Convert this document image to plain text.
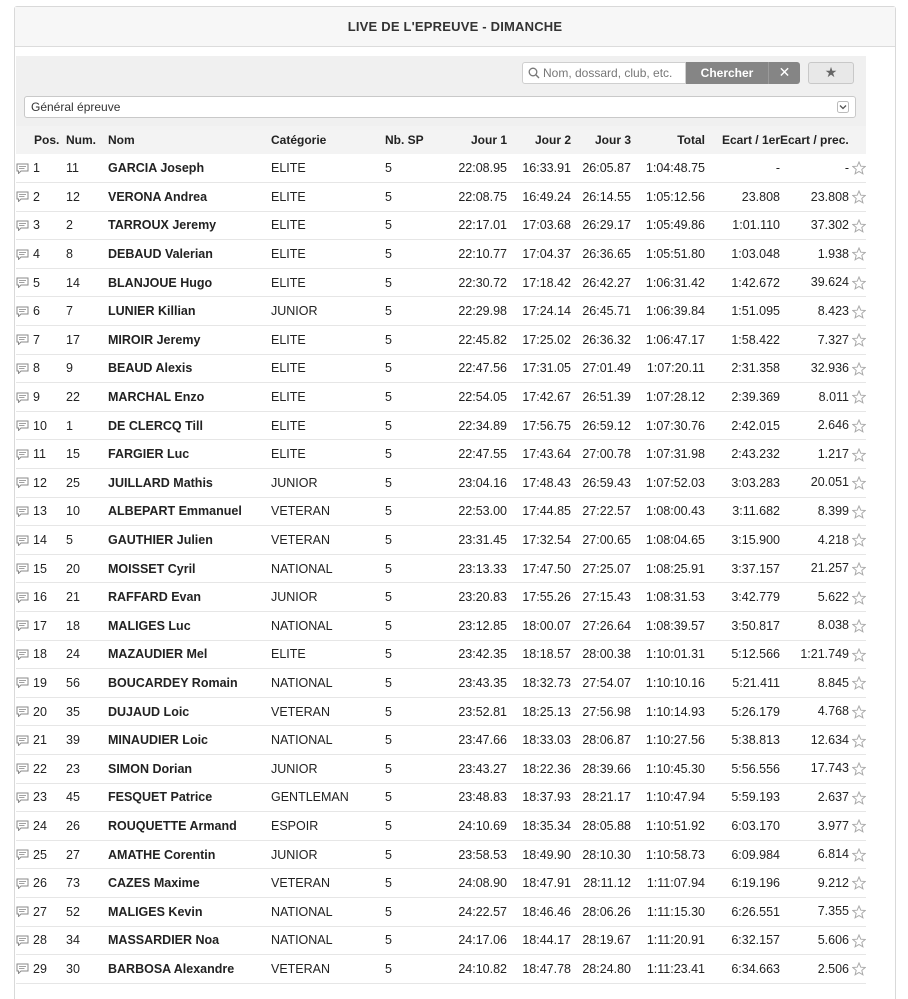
LIVE DE L'EPREUVE - DIMANCHE
Nom, dossard, club, etc.
Chercher	✕	★
Général épreuve
Pos.	Num.	Nom	Catégorie	Nb. SP	Jour 1	Jour 2	Jour 3	Total	Ecart / 1er	Ecart / prec.

1	11	GARCIA Joseph	ELITE	5	22:08.95	16:33.91	26:05.87	1:04:48.75	-	-

2	12	VERONA Andrea	ELITE	5	22:08.75	16:49.24	26:14.55	1:05:12.56	23.808	23.808

3	2	TARROUX Jeremy	ELITE	5	22:17.01	17:03.68	26:29.17	1:05:49.86	1:01.110	37.302

4	8	DEBAUD Valerian	ELITE	5	22:10.77	17:04.37	26:36.65	1:05:51.80	1:03.048	1.938

5	14	BLANJOUE Hugo	ELITE	5	22:30.72	17:18.42	26:42.27	1:06:31.42	1:42.672	39.624

6	7	LUNIER Killian	JUNIOR	5	22:29.98	17:24.14	26:45.71	1:06:39.84	1:51.095	8.423

7	17	MIROIR Jeremy	ELITE	5	22:45.82	17:25.02	26:36.32	1:06:47.17	1:58.422	7.327

8	9	BEAUD Alexis	ELITE	5	22:47.56	17:31.05	27:01.49	1:07:20.11	2:31.358	32.936

9	22	MARCHAL Enzo	ELITE	5	22:54.05	17:42.67	26:51.39	1:07:28.12	2:39.369	8.011

10	1	DE CLERCQ Till	ELITE	5	22:34.89	17:56.75	26:59.12	1:07:30.76	2:42.015	2.646

11	15	FARGIER Luc	ELITE	5	22:47.55	17:43.64	27:00.78	1:07:31.98	2:43.232	1.217

12	25	JUILLARD Mathis	JUNIOR	5	23:04.16	17:48.43	26:59.43	1:07:52.03	3:03.283	20.051

13	10	ALBEPART Emmanuel	VETERAN	5	22:53.00	17:44.85	27:22.57	1:08:00.43	3:11.682	8.399

14	5	GAUTHIER Julien	VETERAN	5	23:31.45	17:32.54	27:00.65	1:08:04.65	3:15.900	4.218

15	20	MOISSET Cyril	NATIONAL	5	23:13.33	17:47.50	27:25.07	1:08:25.91	3:37.157	21.257

16	21	RAFFARD Evan	JUNIOR	5	23:20.83	17:55.26	27:15.43	1:08:31.53	3:42.779	5.622

17	18	MALIGES Luc	NATIONAL	5	23:12.85	18:00.07	27:26.64	1:08:39.57	3:50.817	8.038

18	24	MAZAUDIER Mel	ELITE	5	23:42.35	18:18.57	28:00.38	1:10:01.31	5:12.566	1:21.749

19	56	BOUCARDEY Romain	NATIONAL	5	23:43.35	18:32.73	27:54.07	1:10:10.16	5:21.411	8.845

20	35	DUJAUD Loic	VETERAN	5	23:52.81	18:25.13	27:56.98	1:10:14.93	5:26.179	4.768

21	39	MINAUDIER Loic	NATIONAL	5	23:47.66	18:33.03	28:06.87	1:10:27.56	5:38.813	12.634

22	23	SIMON Dorian	JUNIOR	5	23:43.27	18:22.36	28:39.66	1:10:45.30	5:56.556	17.743

23	45	FESQUET Patrice	GENTLEMAN	5	23:48.83	18:37.93	28:21.17	1:10:47.94	5:59.193	2.637

24	26	ROUQUETTE Armand	ESPOIR	5	24:10.69	18:35.34	28:05.88	1:10:51.92	6:03.170	3.977

25	27	AMATHE Corentin	JUNIOR	5	23:58.53	18:49.90	28:10.30	1:10:58.73	6:09.984	6.814

26	73	CAZES Maxime	VETERAN	5	24:08.90	18:47.91	28:11.12	1:11:07.94	6:19.196	9.212

27	52	MALIGES Kevin	NATIONAL	5	24:22.57	18:46.46	28:06.26	1:11:15.30	6:26.551	7.355

28	34	MASSARDIER Noa	NATIONAL	5	24:17.06	18:44.17	28:19.67	1:11:20.91	6:32.157	5.606

29	30	BARBOSA Alexandre	VETERAN	5	24:10.82	18:47.78	28:24.80	1:11:23.41	6:34.663	2.506
